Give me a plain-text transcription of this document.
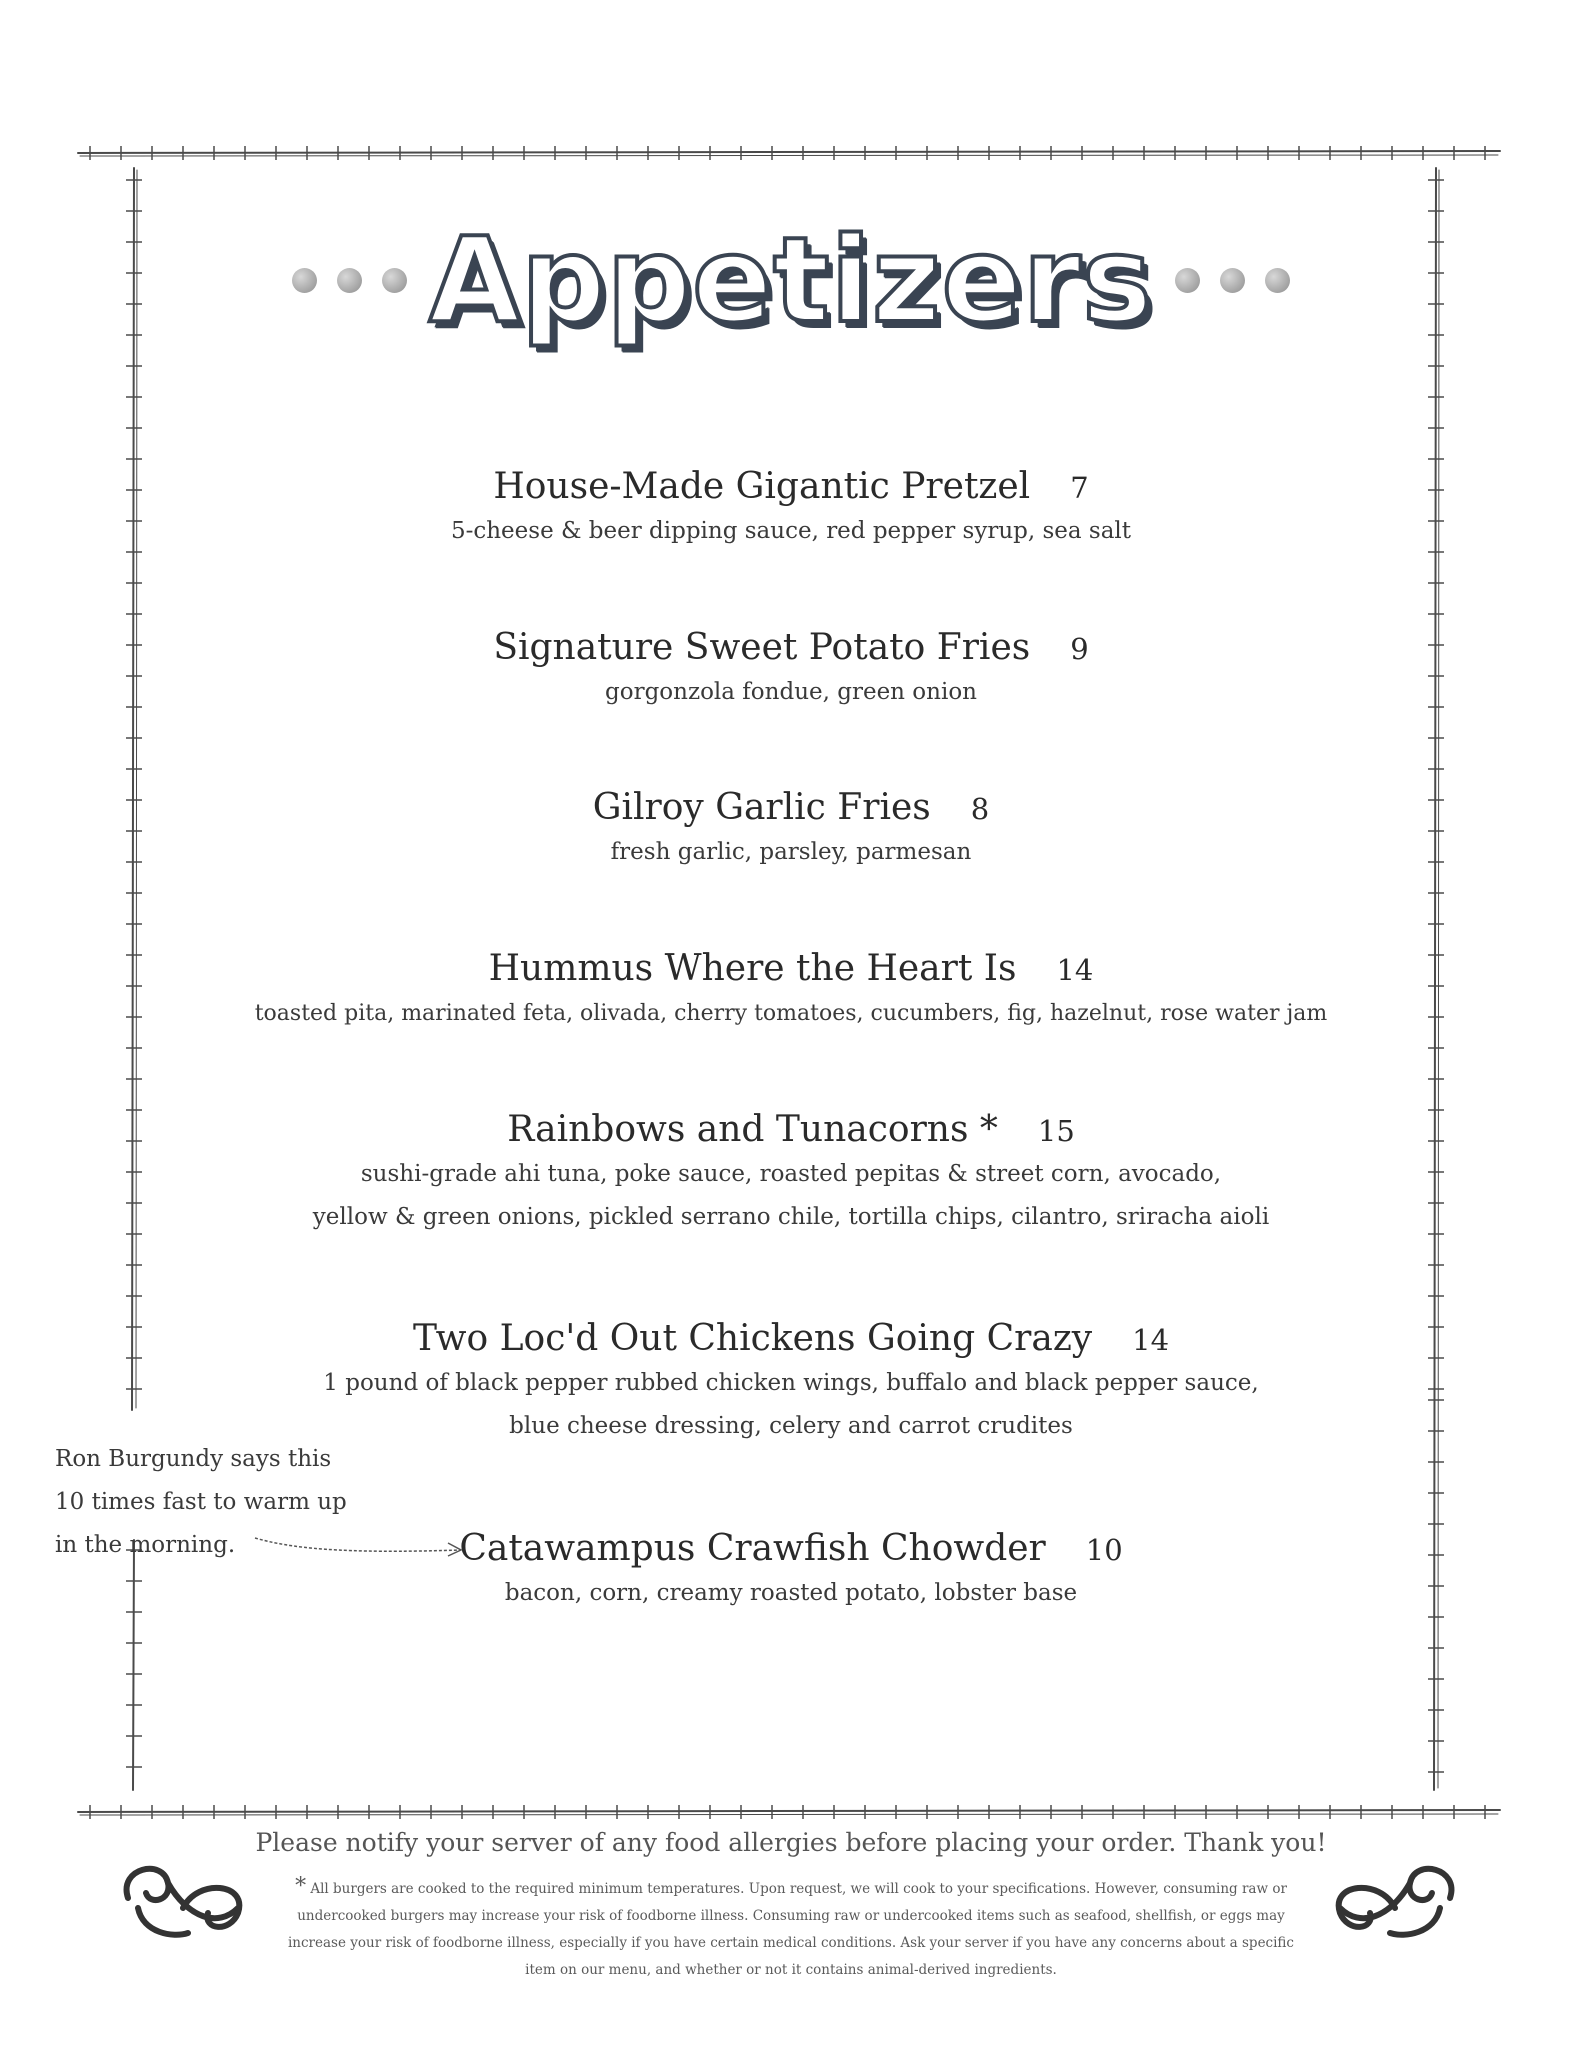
Appetizers
House-Made Gigantic Pretzel 7
5-cheese & beer dipping sauce, red pepper syrup, sea salt
Signature Sweet Potato Fries 9
gorgonzola fondue, green onion
Gilroy Garlic Fries 8
fresh garlic, parsley, parmesan
Hummus Where the Heart Is 14
toasted pita, marinated feta, olivada, cherry tomatoes, cucumbers, fig, hazelnut, rose water jam
Rainbows and Tunacorns * 15
sushi-grade ahi tuna, poke sauce, roasted pepitas & street corn, avocado,
yellow & green onions, pickled serrano chile, tortilla chips, cilantro, sriracha aioli
Two Loc'd Out Chickens Going Crazy 14
1 pound of black pepper rubbed chicken wings, buffalo and black pepper sauce,
blue cheese dressing, celery and carrot crudites
Catawampus Crawfish Chowder 10
bacon, corn, creamy roasted potato, lobster base
Ron Burgundy says this
10 times fast to warm up
in the morning.
Please notify your server of any food allergies before placing your order. Thank you!
* All burgers are cooked to the required minimum temperatures. Upon request, we will cook to your specifications. However, consuming raw or undercooked burgers may increase your risk of foodborne illness. Consuming raw or undercooked items such as seafood, shellfish, or eggs may increase your risk of foodborne illness, especially if you have certain medical conditions. Ask your server if you have any concerns about a specific item on our menu, and whether or not it contains animal-derived ingredients.
